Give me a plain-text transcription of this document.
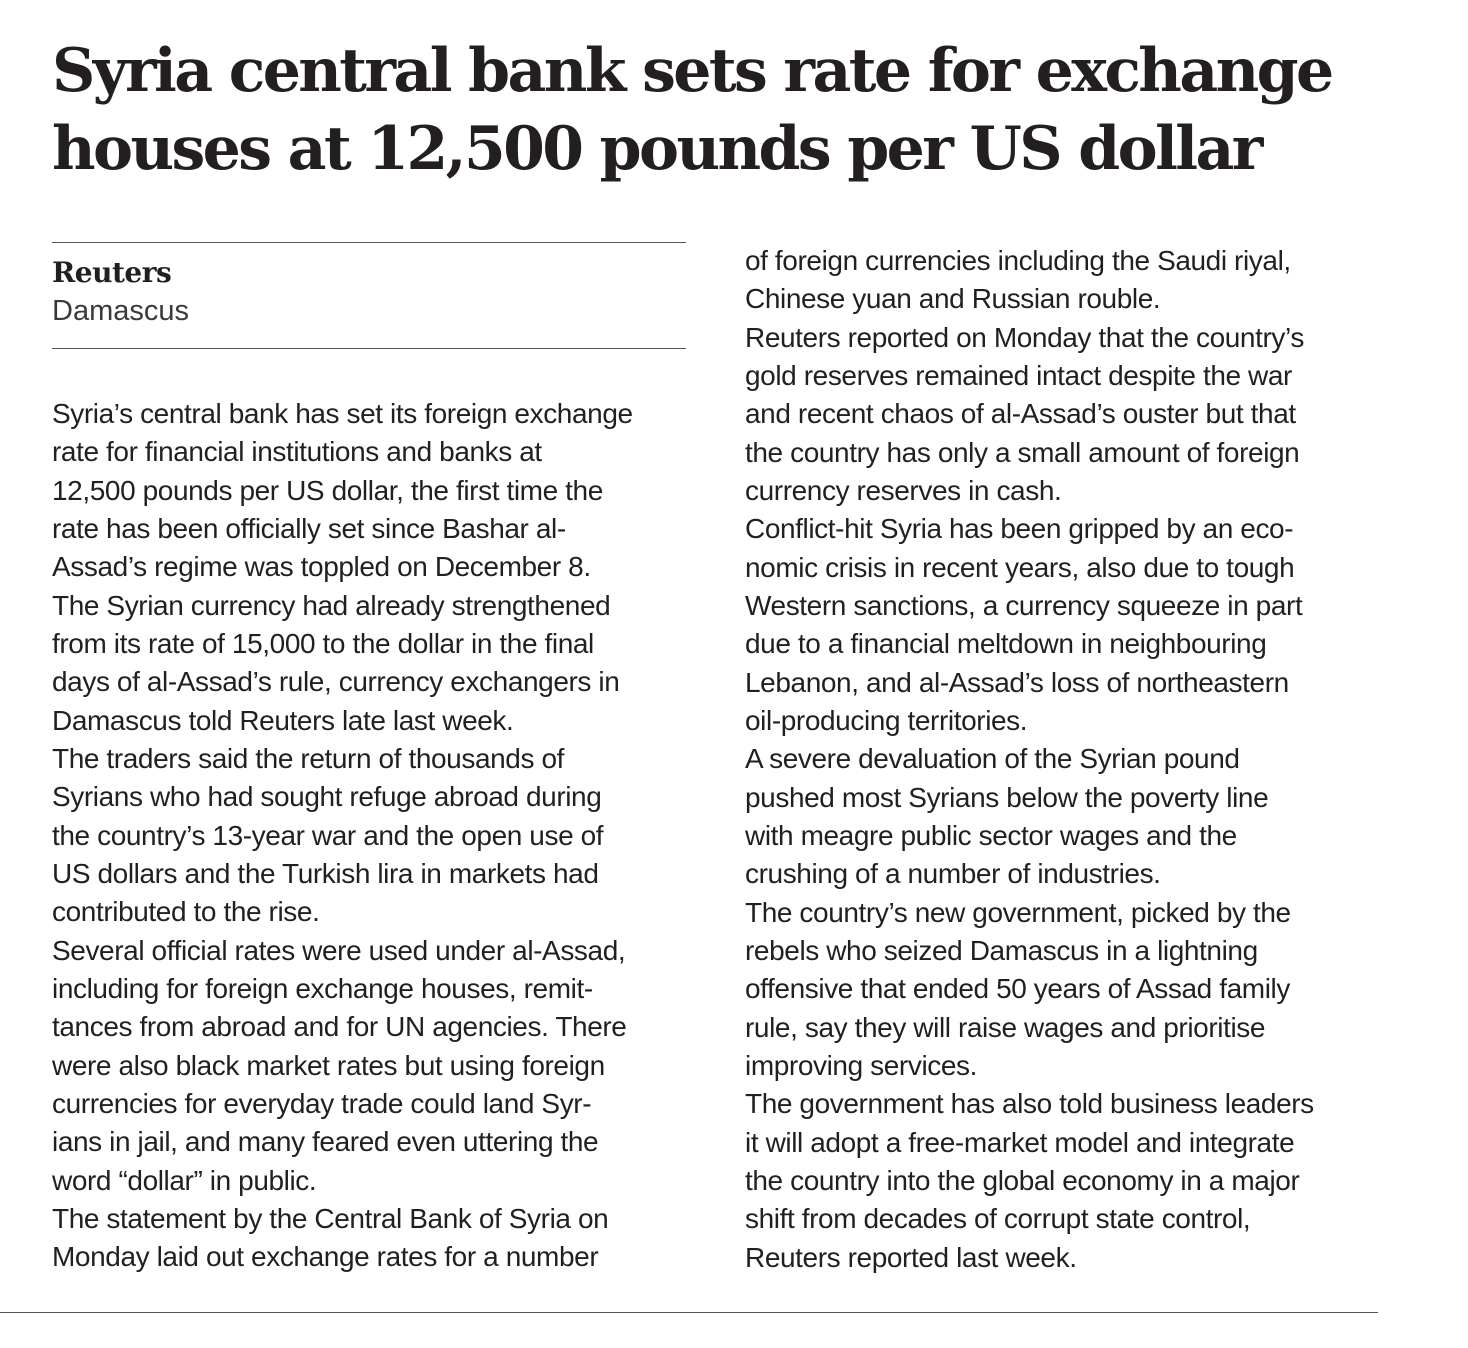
Syria central bank sets rate for exchange
houses at 12,500 pounds per US dollar
Reuters
Damascus
Syria’s central bank has set its foreign exchange
rate for financial institutions and banks at
12,500 pounds per US dollar, the first time the
rate has been officially set since Bashar al-
Assad’s regime was toppled on December 8.
The Syrian currency had already strengthened
from its rate of 15,000 to the dollar in the final
days of al-Assad’s rule, currency exchangers in
Damascus told Reuters late last week.
The traders said the return of thousands of
Syrians who had sought refuge abroad during
the country’s 13-year war and the open use of
US dollars and the Turkish lira in markets had
contributed to the rise.
Several official rates were used under al-Assad,
including for foreign exchange houses, remit-
tances from abroad and for UN agencies. There
were also black market rates but using foreign
currencies for everyday trade could land Syr-
ians in jail, and many feared even uttering the
word “dollar” in public.
The statement by the Central Bank of Syria on
Monday laid out exchange rates for a number
of foreign currencies including the Saudi riyal,
Chinese yuan and Russian rouble.
Reuters reported on Monday that the country’s
gold reserves remained intact despite the war
and recent chaos of al-Assad’s ouster but that
the country has only a small amount of foreign
currency reserves in cash.
Conflict-hit Syria has been gripped by an eco-
nomic crisis in recent years, also due to tough
Western sanctions, a currency squeeze in part
due to a financial meltdown in neighbouring
Lebanon, and al-Assad’s loss of northeastern
oil-producing territories.
A severe devaluation of the Syrian pound
pushed most Syrians below the poverty line
with meagre public sector wages and the
crushing of a number of industries.
The country’s new government, picked by the
rebels who seized Damascus in a lightning
offensive that ended 50 years of Assad family
rule, say they will raise wages and prioritise
improving services.
The government has also told business leaders
it will adopt a free-market model and integrate
the country into the global economy in a major
shift from decades of corrupt state control,
Reuters reported last week.
